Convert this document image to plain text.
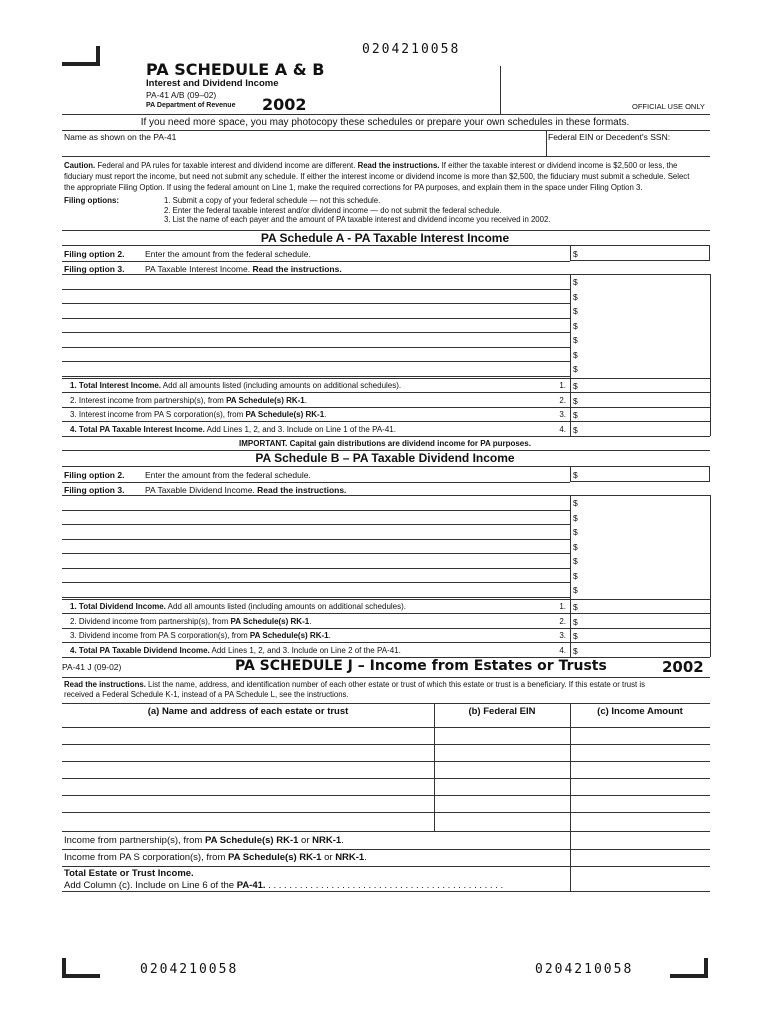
0204210058
PA SCHEDULE A & B
Interest and Dividend Income
PA-41 A/B (09–02)
PA Department of Revenue 2002	OFFICIAL USE ONLY
If you need more space, you may photocopy these schedules or prepare your own schedules in these formats.
Name as shown on the PA-41	Federal EIN or Decedent's SSN:
Caution. Federal and PA rules for taxable interest and dividend income are different. Read the instructions. If either the taxable interest or dividend income is $2,500 or less, the
fiduciary must report the income, but need not submit any schedule. If either the interest income or dividend income is more than $2,500, the fiduciary must submit a schedule. Select
the appropriate Filing Option. If using the federal amount on Line 1, make the required corrections for PA purposes, and explain them in the space under Filing Option 3.
Filing options:	1. Submit a copy of your federal schedule — not this schedule.
2. Enter the federal taxable interest and/or dividend income — do not submit the federal schedule.
3. List the name of each payer and the amount of PA taxable interest and dividend income you received in 2002.
PA Schedule A - PA Taxable Interest Income
Filing option 2. Enter the amount from the federal schedule.	$
Filing option 3. PA Taxable Interest Income. Read the instructions.
$
$
$
$
$
$
$
1. Total Interest Income. Add all amounts listed (including amounts on additional schedules).	1. $
2. Interest income from partnership(s), from PA Schedule(s) RK-1.	2. $
3. Interest income from PA S corporation(s), from PA Schedule(s) RK-1.	3. $
4. Total PA Taxable Interest Income. Add Lines 1, 2, and 3. Include on Line 1 of the PA-41.	4. $
PA Schedule B – PA Taxable Dividend Income
Filing option 2. Enter the amount from the federal schedule.	$
Filing option 3. PA Taxable Dividend Income. Read the instructions.
$
$
$
$
$
$
$
1. Total Dividend Income. Add all amounts listed (including amounts on additional schedules).	1. $
2. Dividend income from partnership(s), from PA Schedule(s) RK-1.	2. $
3. Dividend income from PA S corporation(s), from PA Schedule(s) RK-1.	3. $
4. Total PA Taxable Dividend Income. Add Lines 1, 2, and 3. Include on Line 2 of the PA-41.	4. $
PA-41 J (09-02)	PA SCHEDULE J – Income from Estates or Trusts	2002
Read the instructions. List the name, address, and identification number of each other estate or trust of which this estate or trust is a beneficiary. If this estate or trust is
received a Federal Schedule K-1, instead of a PA Schedule L, see the instructions.
(a) Name and address of each estate or trust	(b) Federal EIN	(c) Income Amount
Income from partnership(s), from PA Schedule(s) RK-1 or NRK-1.
Income from PA S corporation(s), from PA Schedule(s) RK-1 or NRK-1.
Total Estate or Trust Income.
Add Column (c). Include on Line 6 of the PA-41. . . . . . . . . . . . . . . . . . . . . . . . . . . . . . . . . . . . . . . . . . . . . .
0204210058	0204210058
IMPORTANT. Capital gain distributions are dividend income for PA purposes.
